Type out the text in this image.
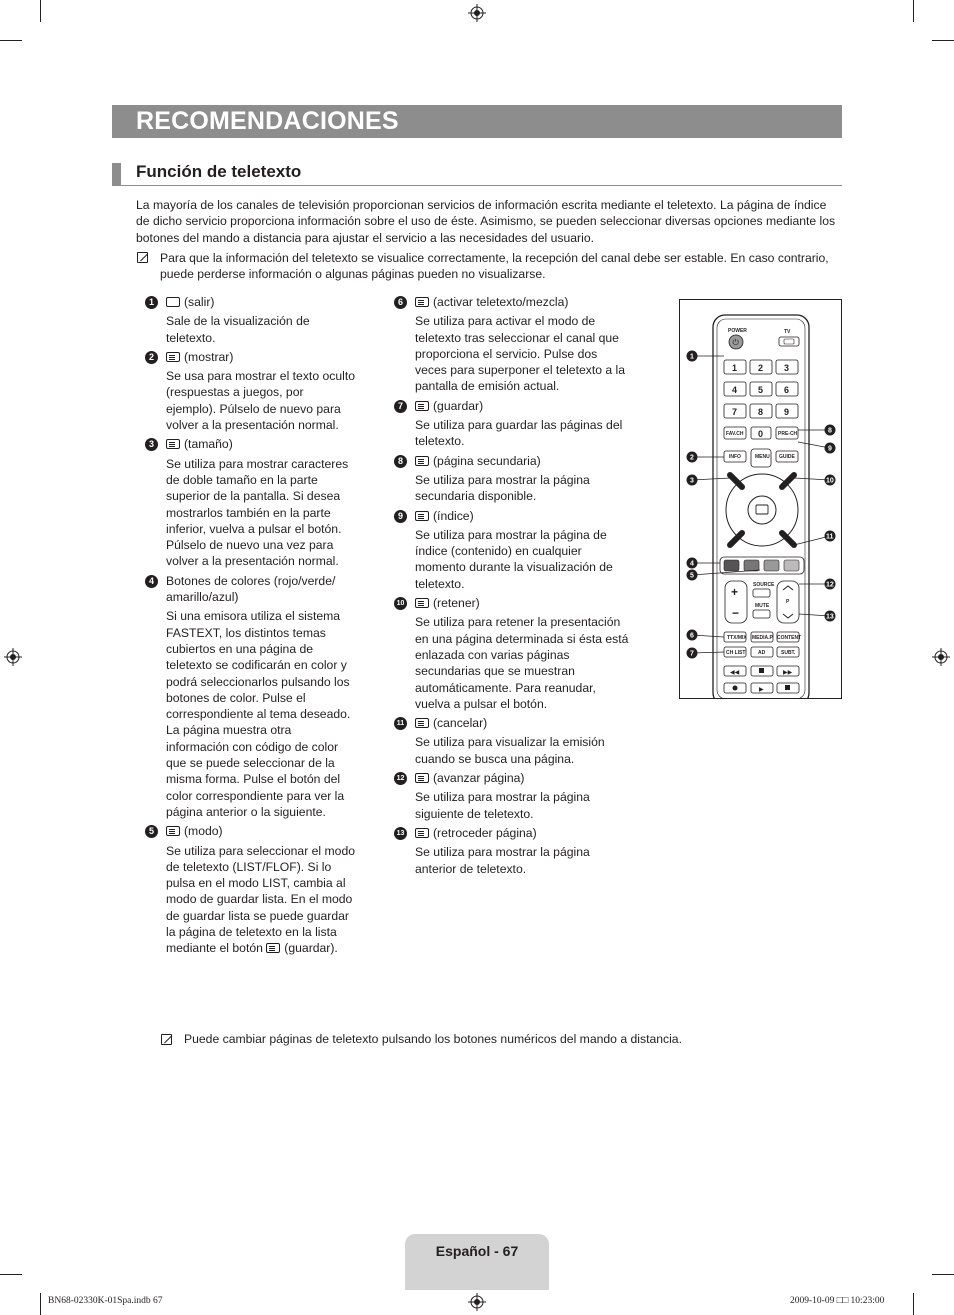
RECOMENDACIONES
Función de teletexto
La mayoría de los canales de televisión proporcionan servicios de información escrita mediante el teletexto. La página de índice de dicho servicio proporciona información sobre el uso de éste. Asimismo, se pueden seleccionar diversas opciones mediante los botones del mando a distancia para ajustar el servicio a las necesidades del usuario.
Para que la información del teletexto se visualice correctamente, la recepción del canal debe ser estable. En caso contrario, puede perderse información o algunas páginas pueden no visualizarse.
1	(salir)
Sale de la visualización de teletexto.
2	(mostrar)
Se usa para mostrar el texto oculto (respuestas a juegos, por ejemplo). Púlselo de nuevo para volver a la presentación normal.
3	(tamaño)
Se utiliza para mostrar caracteres de doble tamaño en la parte superior de la pantalla. Si desea mostrarlos también en la parte inferior, vuelva a pulsar el botón. Púlselo de nuevo una vez para volver a la presentación normal.
4 Botones de colores (rojo/verde/ amarillo/azul)
Si una emisora utiliza el sistema FASTEXT, los distintos temas cubiertos en una página de teletexto se codificarán en color y podrá seleccionarlos pulsando los botones de color. Pulse el correspondiente al tema deseado. La página muestra otra información con código de color que se puede seleccionar de la misma forma. Pulse el botón del color correspondiente para ver la página anterior o la siguiente.
5	(modo)
Se utiliza para seleccionar el modo de teletexto (LIST/FLOF). Si lo pulsa en el modo LIST, cambia al modo de guardar lista. En el modo de guardar lista se puede guardar la página de teletexto en la lista mediante el botón (guardar).
6	(activar teletexto/mezcla)
Se utiliza para activar el modo de teletexto tras seleccionar el canal que proporciona el servicio. Pulse dos veces para superponer el teletexto a la pantalla de emisión actual.
7	(guardar)
Se utiliza para guardar las páginas del teletexto.
8	(página secundaria)
Se utiliza para mostrar la página secundaria disponible.
9	(índice)
Se utiliza para mostrar la página de índice (contenido) en cualquier momento durante la visualización de teletexto.
10	(retener)
Se utiliza para retener la presentación en una página determinada si ésta está enlazada con varias páginas secundarias que se muestran automáticamente. Para reanudar, vuelva a pulsar el botón.
11	(cancelar)
Se utiliza para visualizar la emisión cuando se busca una página.
12	(avanzar página)
Se utiliza para mostrar la página siguiente de teletexto.
13	(retroceder página)
Se utiliza para mostrar la página anterior de teletexto.
POWER
⏻
TV
1 2 3
4 5 6
7 8 9
FAV.CH 0	PRE-CH
INFO	MENU GUIDE
+
−
SOURCE
MUTE
P
TTX/MIX MEDIA.P CONTENT
CH LIST	AD	SUBT.
◀◀	▶▶
▶
1
2
3
4
5
6
7
8
9
10
11
12
13
Puede cambiar páginas de teletexto pulsando los botones numéricos del mando a distancia.
Español - 67
BN68-02330K-01Spa.indb 67	2009-10-09 □□ 10:23:00
